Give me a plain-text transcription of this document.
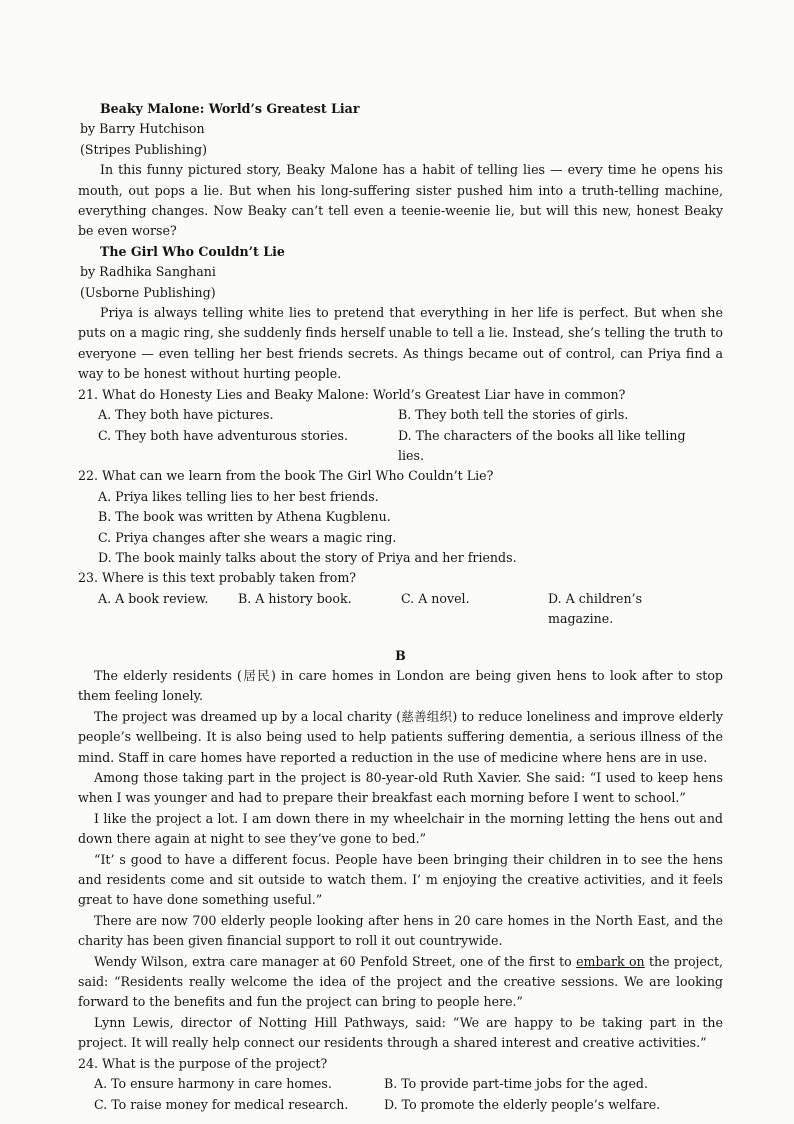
Beaky Malone: World’s Greatest Liar

by Barry Hutchison

(Stripes Publishing)

In this funny pictured story, Beaky Malone has a habit of telling lies — every time he opens his mouth, out pops a lie. But when his long-suffering sister pushed him into a truth-telling machine, everything changes. Now Beaky can’t tell even a teenie-weenie lie, but will this new, honest Beaky be even worse?

The Girl Who Couldn’t Lie

by Radhika Sanghani

(Usborne Publishing)

Priya is always telling white lies to pretend that everything in her life is perfect. But when she puts on a magic ring, she suddenly finds herself unable to tell a lie. Instead, she’s telling the truth to everyone — even telling her best friends secrets. As things became out of control, can Priya find a way to be honest without hurting people.

21. What do Honesty Lies and Beaky Malone: World’s Greatest Liar have in common?

A. They both have pictures.	B. They both tell the stories of girls.
C. They both have adventurous stories.	D. The characters of the books all like telling lies.

22. What can we learn from the book The Girl Who Couldn’t Lie?

A. Priya likes telling lies to her best friends.

B. The book was written by Athena Kugblenu.

C. Priya changes after she wears a magic ring.

D. The book mainly talks about the story of Priya and her friends.

23. Where is this text probably taken from?

A. A book review.	B. A history book.	C. A novel.	D. A children’s magazine.

B

The elderly residents (居民) in care homes in London are being given hens to look after to stop them feeling lonely.

The project was dreamed up by a local charity (慈善组织) to reduce loneliness and improve elderly people’s wellbeing. It is also being used to help patients suffering dementia, a serious illness of the mind. Staff in care homes have reported a reduction in the use of medicine where hens are in use.

Among those taking part in the project is 80-year-old Ruth Xavier. She said: “I used to keep hens when I was younger and had to prepare their breakfast each morning before I went to school.”

I like the project a lot. I am down there in my wheelchair in the morning letting the hens out and down there again at night to see they’ve gone to bed.”

“It’ s good to have a different focus. People have been bringing their children in to see the hens and residents come and sit outside to watch them. I’ m enjoying the creative activities, and it feels great to have done something useful.”

There are now 700 elderly people looking after hens in 20 care homes in the North East, and the charity has been given financial support to roll it out countrywide.

Wendy Wilson, extra care manager at 60 Penfold Street, one of the first to embark on the project, said: “Residents really welcome the idea of the project and the creative sessions. We are looking forward to the benefits and fun the project can bring to people here.”

Lynn Lewis, director of Notting Hill Pathways, said: “We are happy to be taking part in the project. It will really help connect our residents through a shared interest and creative activities.”

24. What is the purpose of the project?

A. To ensure harmony in care homes.	B. To provide part-time jobs for the aged.
C. To raise money for medical research.	D. To promote the elderly people’s welfare.
